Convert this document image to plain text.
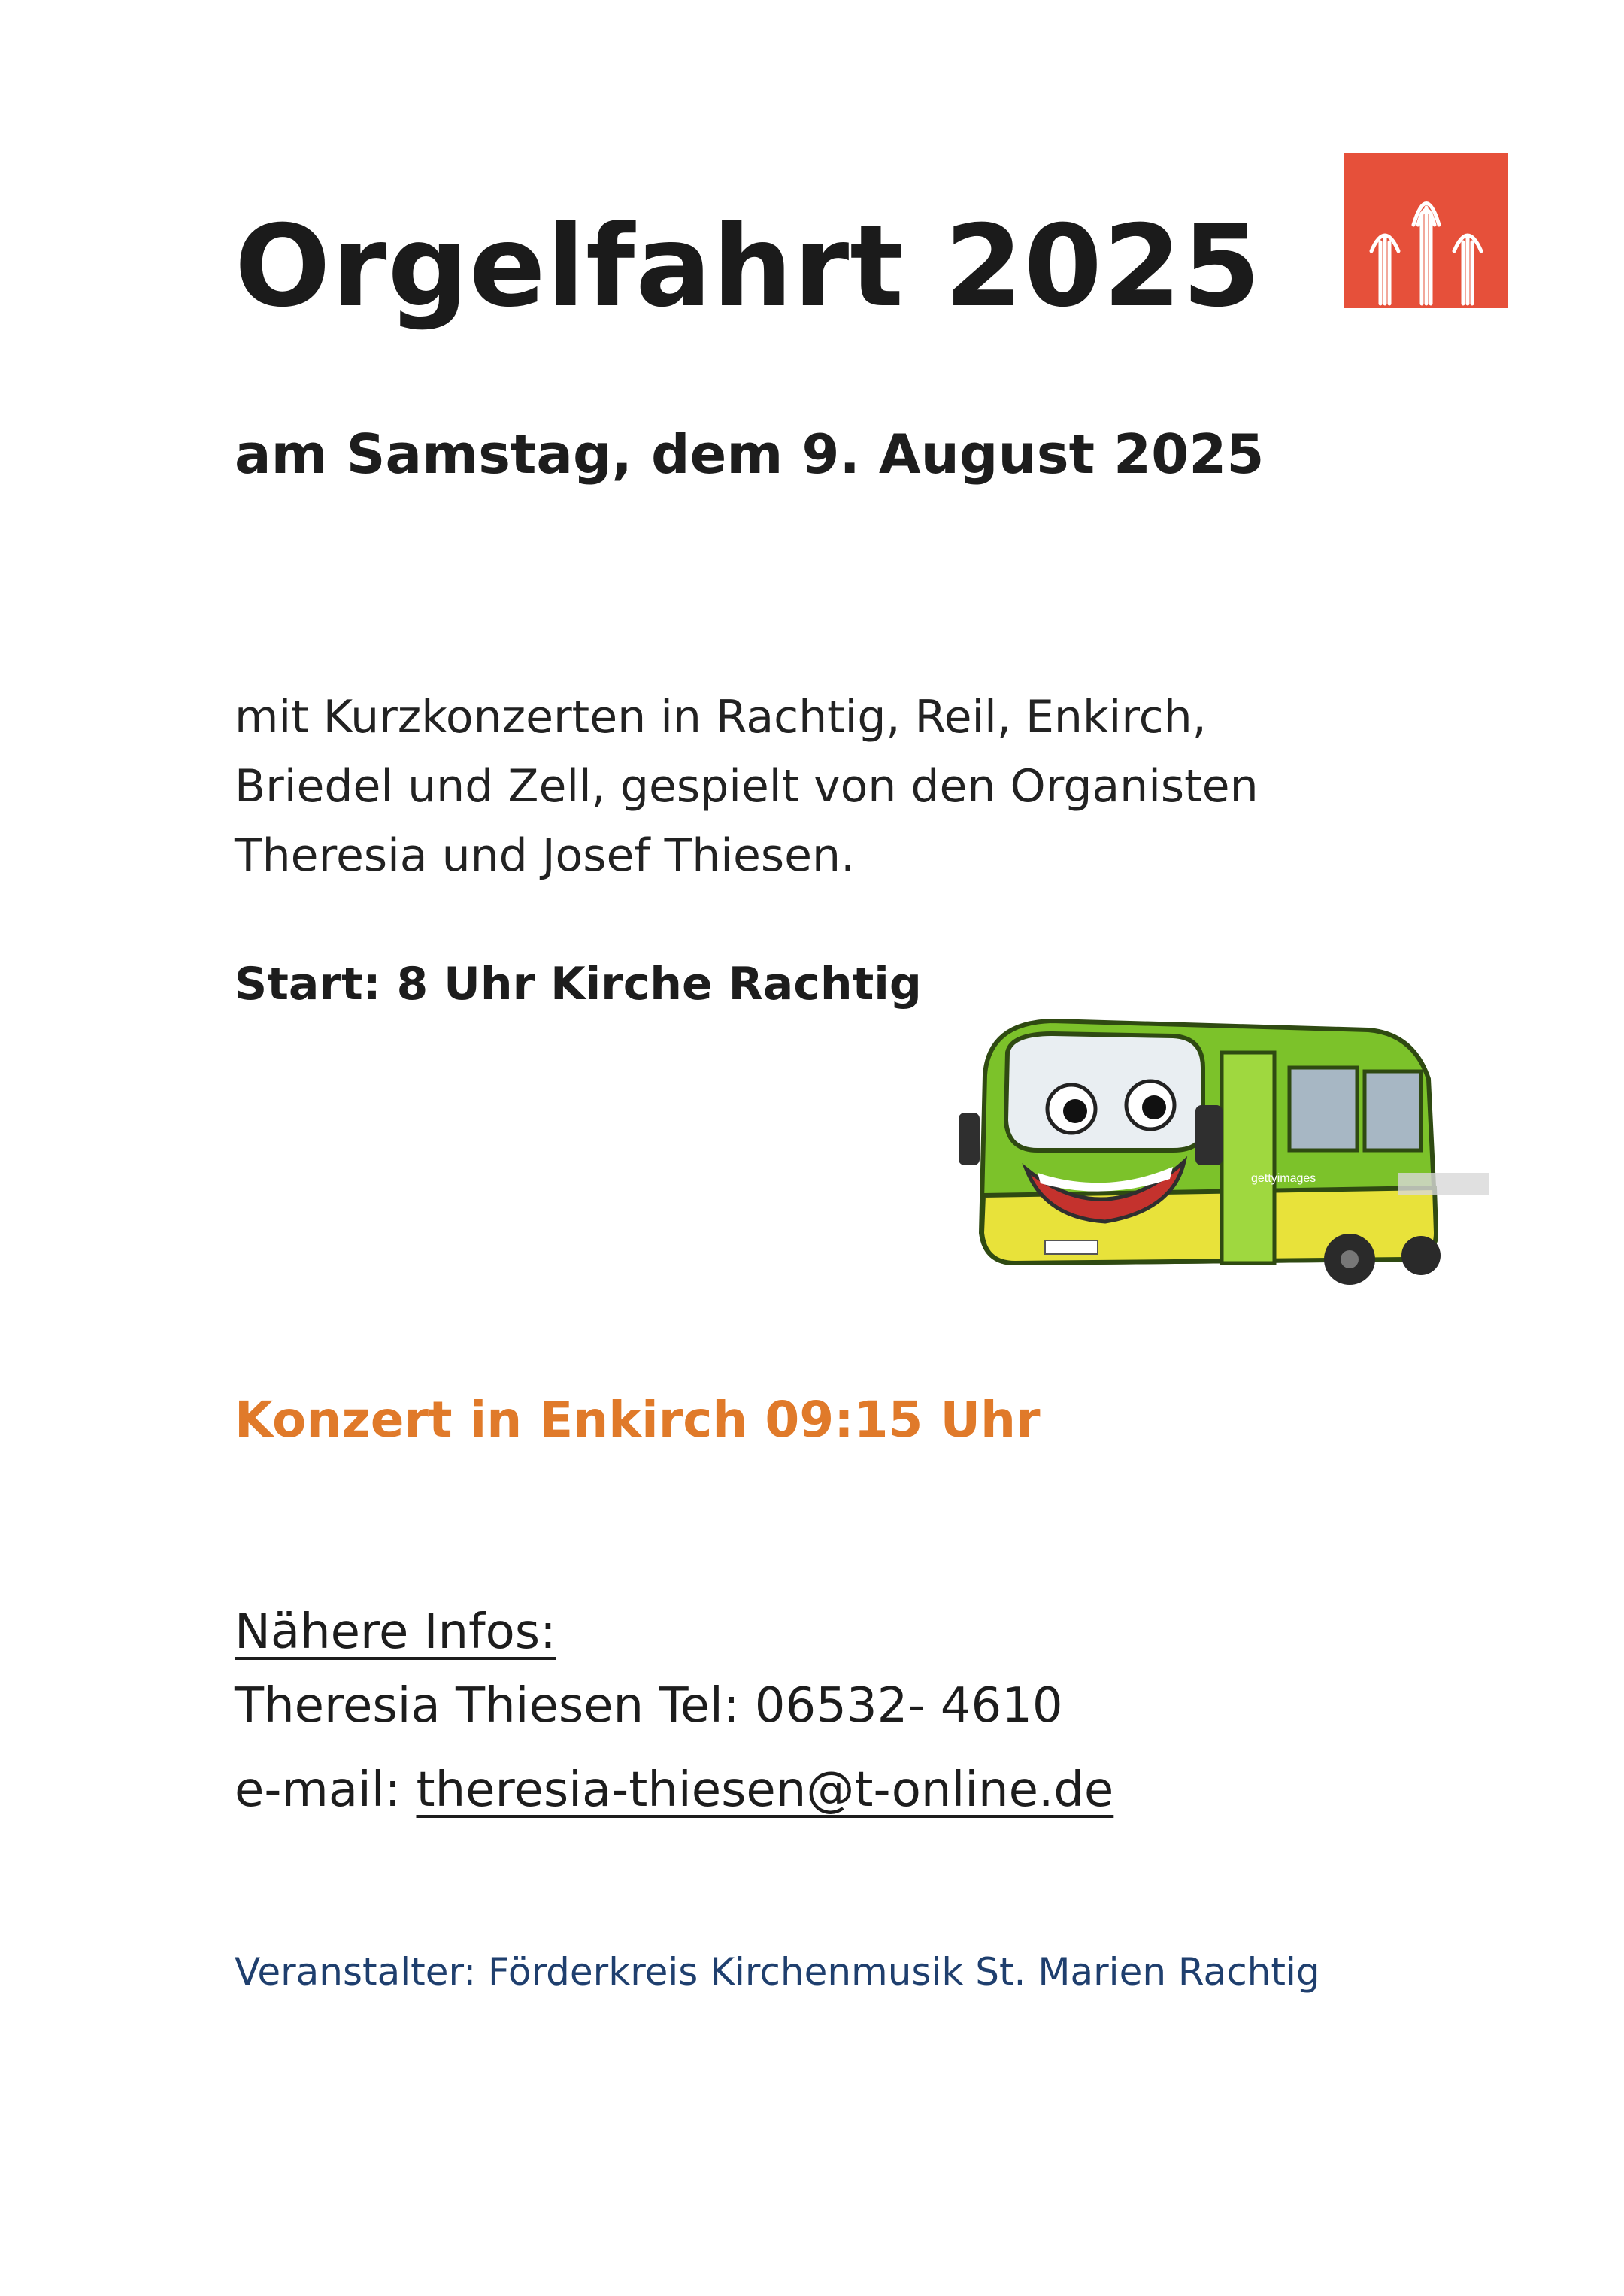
Orgelfahrt 2025
am Samstag, dem 9. August 2025
mit Kurzkonzerten in Rachtig, Reil, Enkirch,
Briedel und Zell, gespielt von den Organisten
Theresia und Josef Thiesen.
Start: 8 Uhr Kirche Rachtig
gettyimages
Konzert in Enkirch 09:15 Uhr
Nähere Infos:
Theresia Thiesen Tel: 06532- 4610
e-mail: theresia-thiesen@t-online.de
Veranstalter: Förderkreis Kirchenmusik St. Marien Rachtig
